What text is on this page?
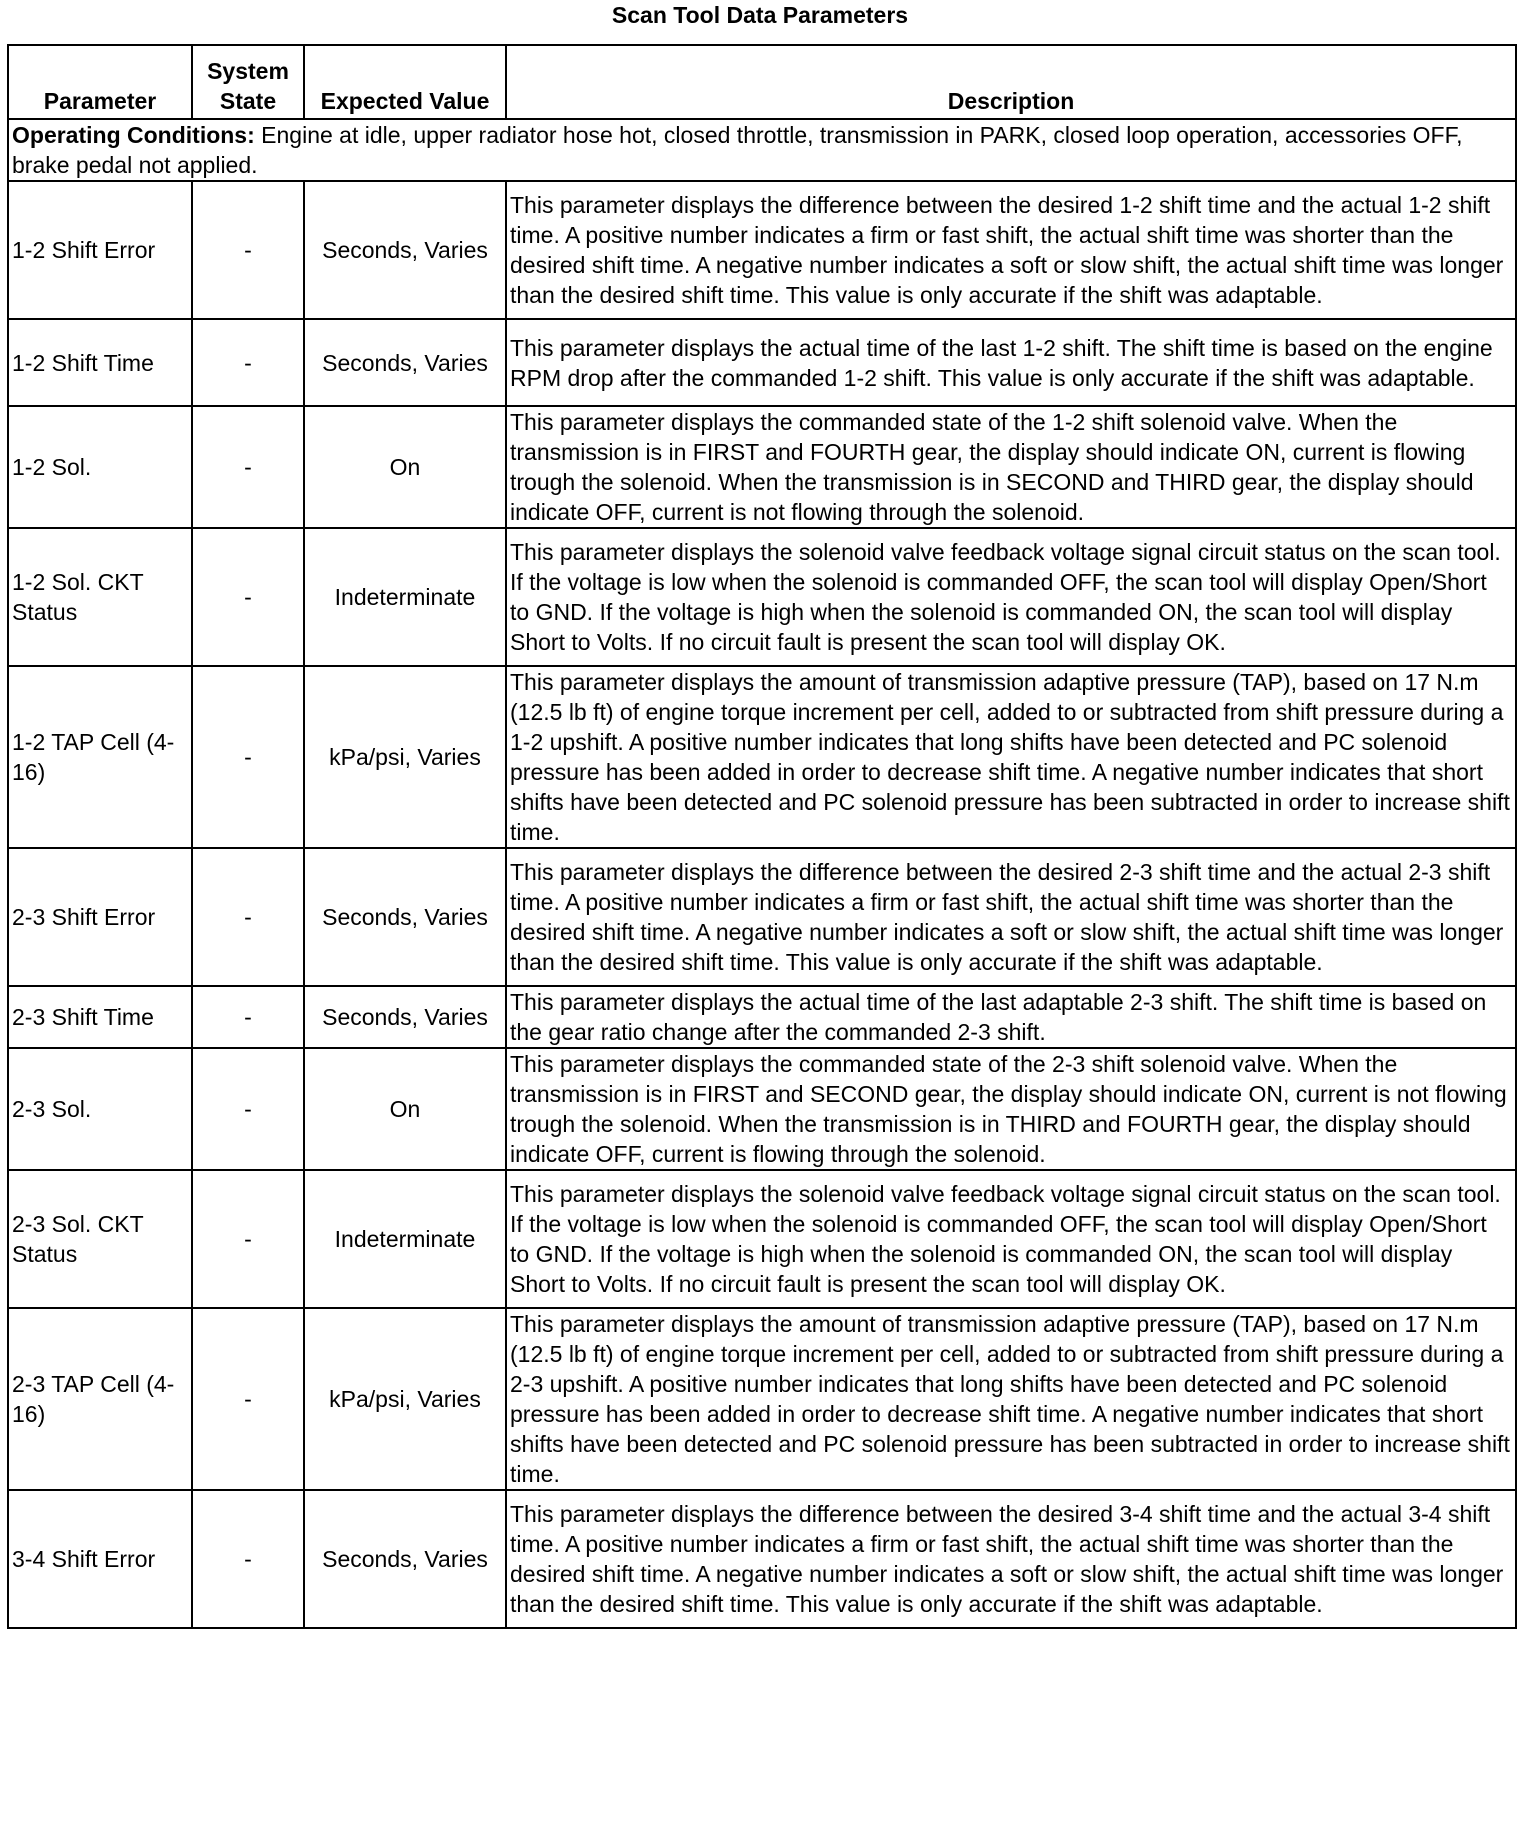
Scan Tool Data Parameters
Parameter	System State	Expected Value	Description
Operating Conditions: Engine at idle, upper radiator hose hot, closed throttle, transmission in PARK, closed loop operation, accessories OFF, brake pedal not applied.			
1-2 Shift Error	-	Seconds, Varies	This parameter displays the difference between the desired 1-2 shift time and the actual 1-2 shift time. A positive number indicates a firm or fast shift, the actual shift time was shorter than the desired shift time. A negative number indicates a soft or slow shift, the actual shift time was longer than the desired shift time. This value is only accurate if the shift was adaptable.
1-2 Shift Time	-	Seconds, Varies	This parameter displays the actual time of the last 1-2 shift. The shift time is based on the engine RPM drop after the commanded 1-2 shift. This value is only accurate if the shift was adaptable.
1-2 Sol.	-	On	This parameter displays the commanded state of the 1-2 shift solenoid valve. When the transmission is in FIRST and FOURTH gear, the display should indicate ON, current is flowing trough the solenoid. When the transmission is in SECOND and THIRD gear, the display should indicate OFF, current is not flowing through the solenoid.
1-2 Sol. CKT Status	-	Indeterminate	This parameter displays the solenoid valve feedback voltage signal circuit status on the scan tool. If the voltage is low when the solenoid is commanded OFF, the scan tool will display Open/Short to GND. If the voltage is high when the solenoid is commanded ON, the scan tool will display Short to Volts. If no circuit fault is present the scan tool will display OK.
1-2 TAP Cell (4-16)	-	kPa/psi, Varies	This parameter displays the amount of transmission adaptive pressure (TAP), based on 17 N.m (12.5 lb ft) of engine torque increment per cell, added to or subtracted from shift pressure during a 1-2 upshift. A positive number indicates that long shifts have been detected and PC solenoid pressure has been added in order to decrease shift time. A negative number indicates that short shifts have been detected and PC solenoid pressure has been subtracted in order to increase shift time.
2-3 Shift Error	-	Seconds, Varies	This parameter displays the difference between the desired 2-3 shift time and the actual 2-3 shift time. A positive number indicates a firm or fast shift, the actual shift time was shorter than the desired shift time. A negative number indicates a soft or slow shift, the actual shift time was longer than the desired shift time. This value is only accurate if the shift was adaptable.
2-3 Shift Time	-	Seconds, Varies	This parameter displays the actual time of the last adaptable 2-3 shift. The shift time is based on the gear ratio change after the commanded 2-3 shift.
2-3 Sol.	-	On	This parameter displays the commanded state of the 2-3 shift solenoid valve. When the transmission is in FIRST and SECOND gear, the display should indicate ON, current is not flowing trough the solenoid. When the transmission is in THIRD and FOURTH gear, the display should indicate OFF, current is flowing through the solenoid.
2-3 Sol. CKT Status	-	Indeterminate	This parameter displays the solenoid valve feedback voltage signal circuit status on the scan tool. If the voltage is low when the solenoid is commanded OFF, the scan tool will display Open/Short to GND. If the voltage is high when the solenoid is commanded ON, the scan tool will display Short to Volts. If no circuit fault is present the scan tool will display OK.
2-3 TAP Cell (4-16)	-	kPa/psi, Varies	This parameter displays the amount of transmission adaptive pressure (TAP), based on 17 N.m (12.5 lb ft) of engine torque increment per cell, added to or subtracted from shift pressure during a 2-3 upshift. A positive number indicates that long shifts have been detected and PC solenoid pressure has been added in order to decrease shift time. A negative number indicates that short shifts have been detected and PC solenoid pressure has been subtracted in order to increase shift time.
3-4 Shift Error	-	Seconds, Varies	This parameter displays the difference between the desired 3-4 shift time and the actual 3-4 shift time. A positive number indicates a firm or fast shift, the actual shift time was shorter than the desired shift time. A negative number indicates a soft or slow shift, the actual shift time was longer than the desired shift time. This value is only accurate if the shift was adaptable.
